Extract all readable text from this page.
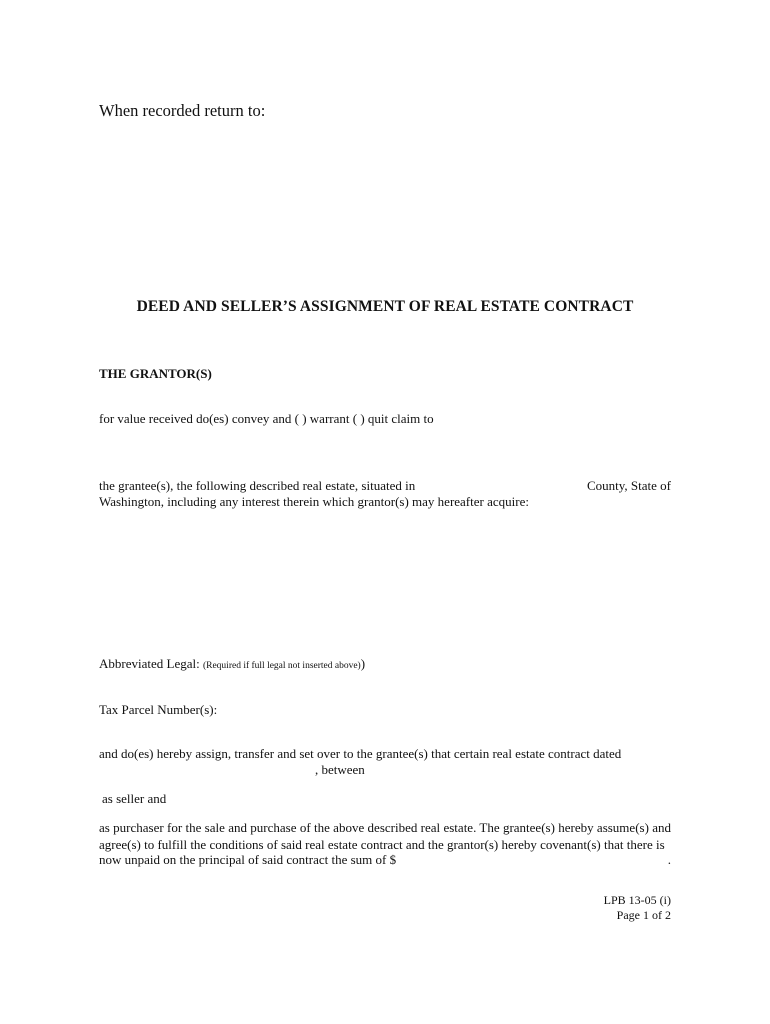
When recorded return to:

DEED AND SELLER’S ASSIGNMENT OF REAL ESTATE CONTRACT

THE GRANTOR(S)

for value received do(es) convey and ( ) warrant ( ) quit claim to

the grantee(s), the following described real estate, situated in	County, State of

Washington, including any interest therein which grantor(s) may hereafter acquire:

Abbreviated Legal: (Required if full legal not inserted above))

Tax Parcel Number(s):

and do(es) hereby assign, transfer and set over to the grantee(s) that certain real estate contract dated

, between

as seller and

as purchaser for the sale and purchase of the above described real estate. The grantee(s) hereby assume(s) and agree(s) to fulfill the conditions of said real estate contract and the grantor(s) hereby covenant(s) that there is

now unpaid on the principal of said contract the sum of $	.

LPB 13-05 (i)
Page 1 of 2
